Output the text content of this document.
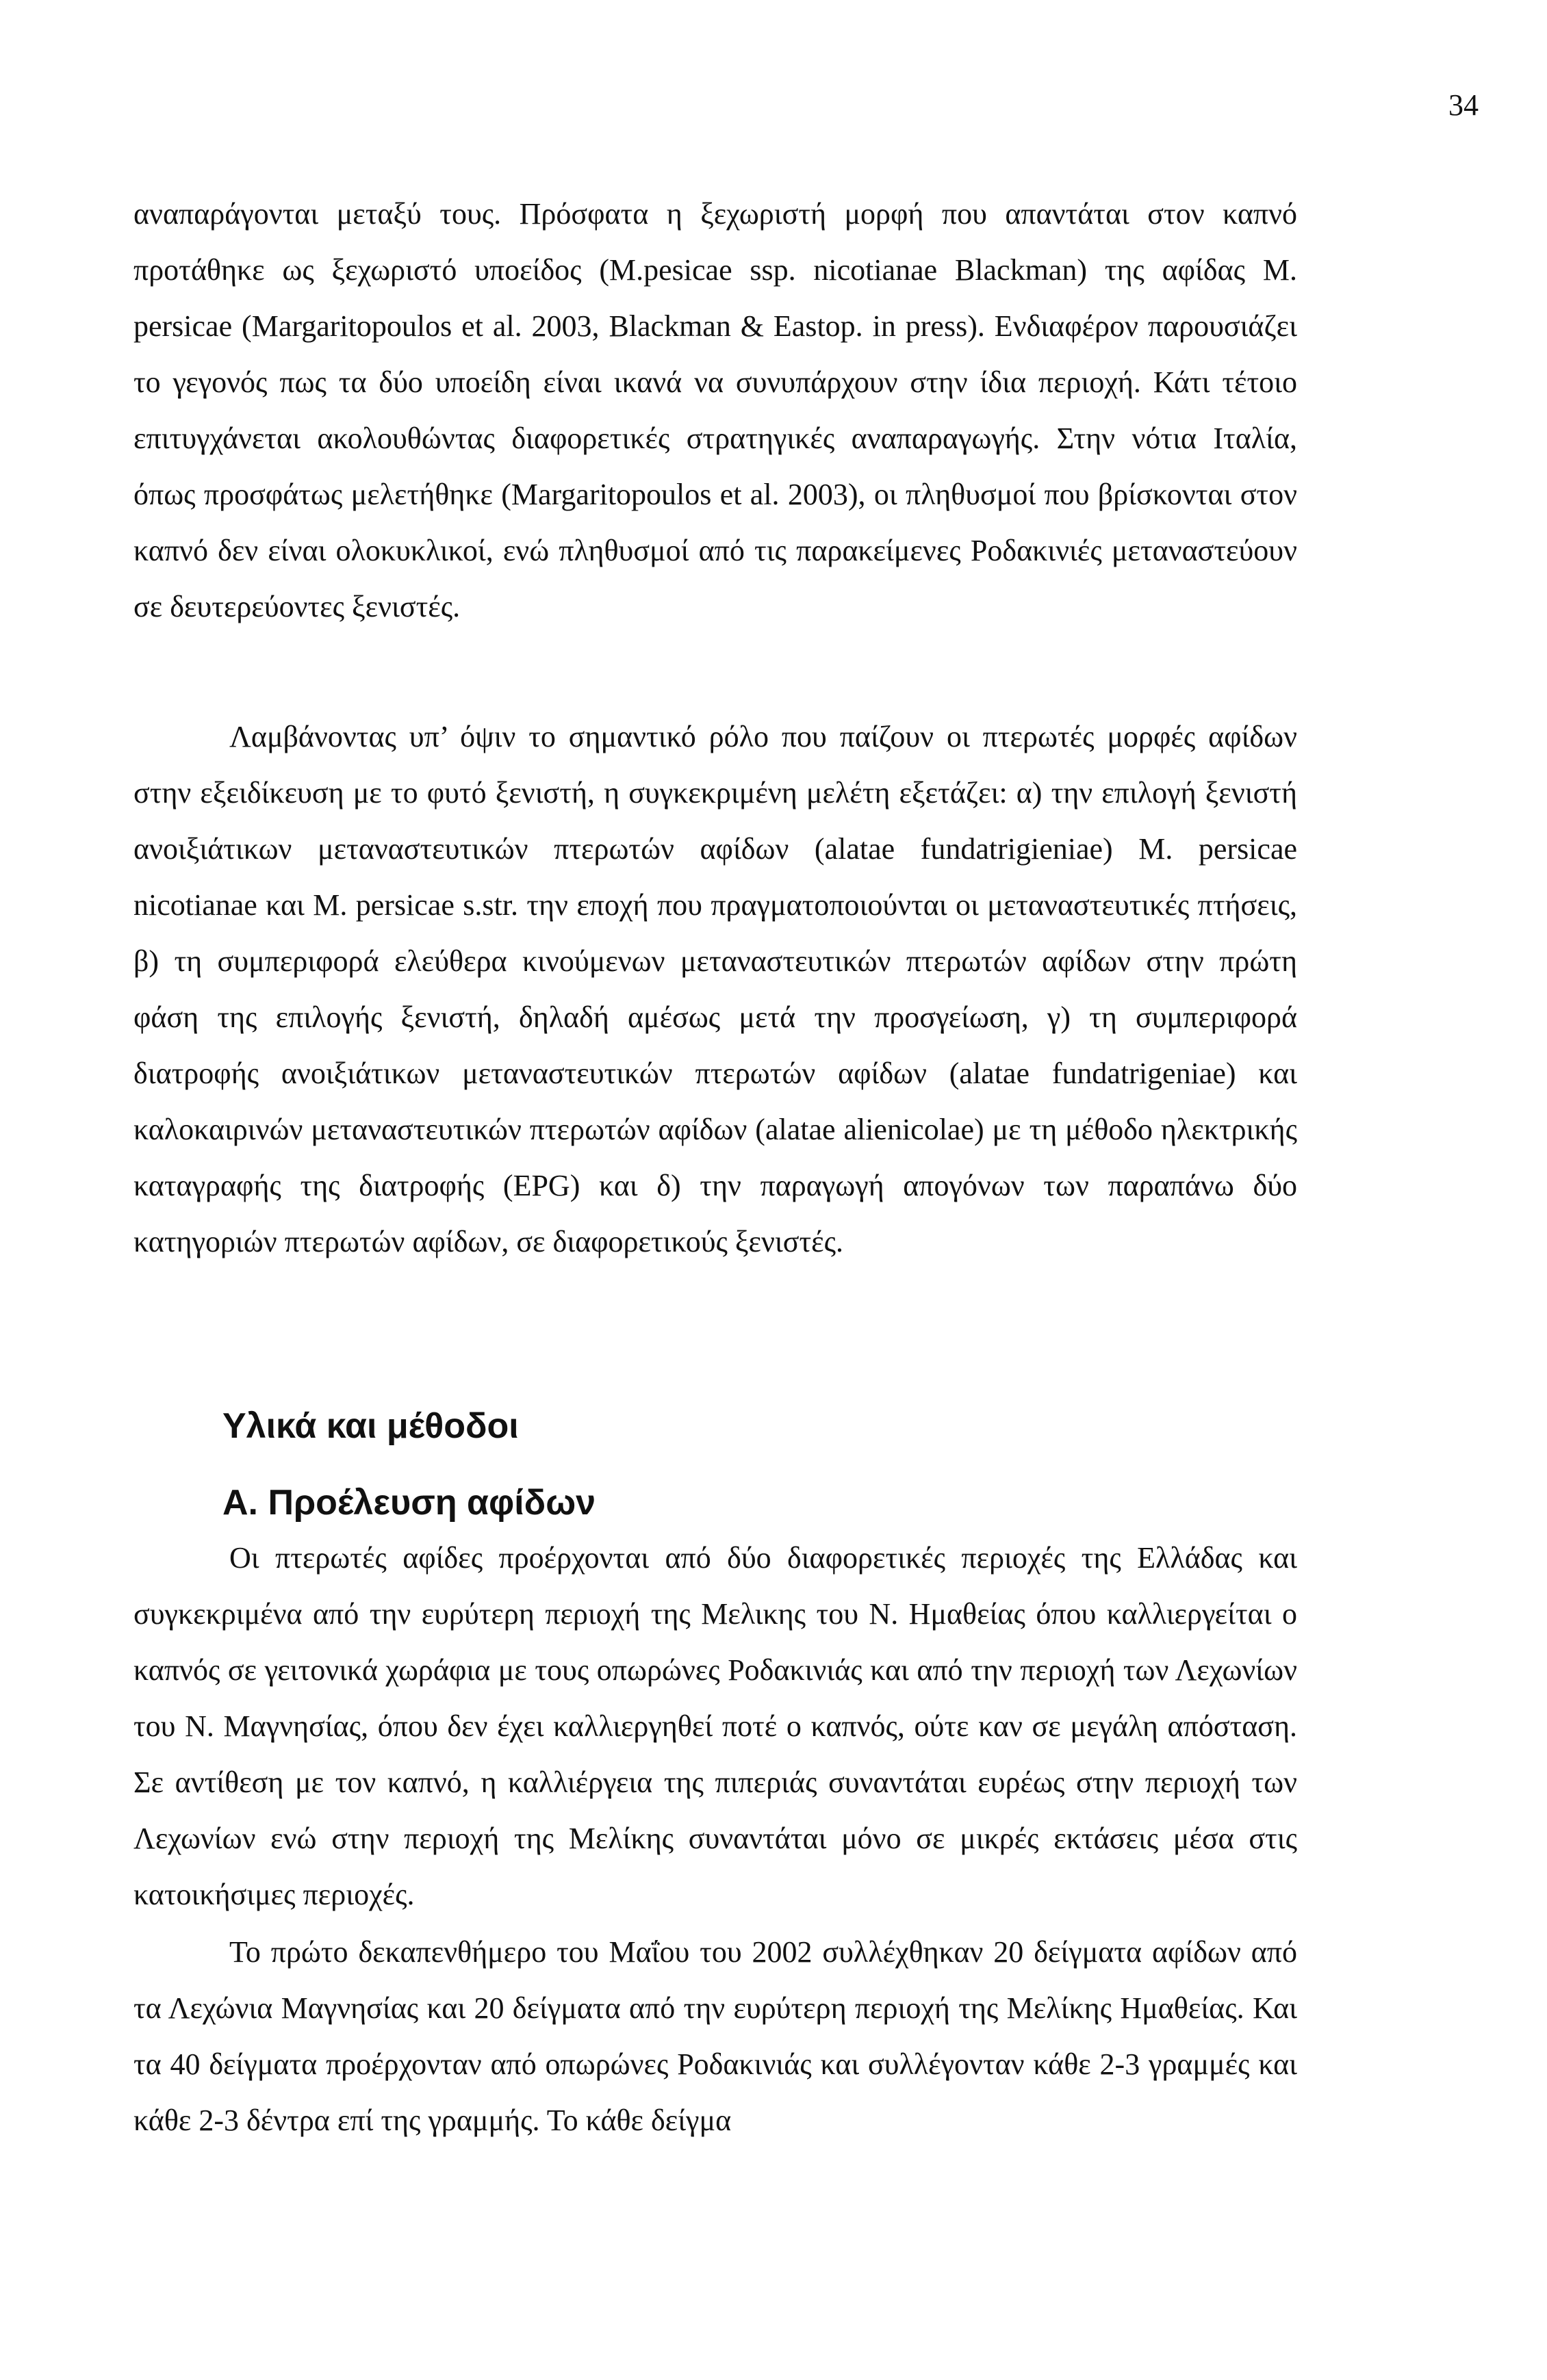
34

αναπαράγονται μεταξύ τους. Πρόσφατα η ξεχωριστή μορφή που απαντάται στον καπνό προτάθηκε ως ξεχωριστό υποείδος (M.pesicae ssp. nicotianae Blackman) της αφίδας M. persicae (Margaritopoulos et al. 2003, Blackman & Eastop. in press). Ενδιαφέρον παρουσιάζει το γεγονός πως τα δύο υποείδη είναι ικανά να συνυπάρχουν στην ίδια περιοχή. Κάτι τέτοιο επιτυγχάνεται ακολουθώντας διαφορετικές στρατηγικές αναπαραγωγής. Στην νότια Ιταλία, όπως προσφάτως μελετήθηκε (Margaritopoulos et al. 2003), οι πληθυσμοί που βρίσκονται στον καπνό δεν είναι ολοκυκλικοί, ενώ πληθυσμοί από τις παρακείμενες Ροδακινιές μεταναστεύουν σε δευτερεύοντες ξενιστές.

Λαμβάνοντας υπ’ όψιν το σημαντικό ρόλο που παίζουν οι πτερωτές μορφές αφίδων στην εξειδίκευση με το φυτό ξενιστή, η συγκεκριμένη μελέτη εξετάζει: α) την επιλογή ξενιστή ανοιξιάτικων μεταναστευτικών πτερωτών αφίδων (alatae fundatrigieniae) M. persicae nicotianae και M. persicae s.str. την εποχή που πραγματοποιούνται οι μεταναστευτικές πτήσεις, β) τη συμπεριφορά ελεύθερα κινούμενων μεταναστευτικών πτερωτών αφίδων στην πρώτη φάση της επιλογής ξενιστή, δηλαδή αμέσως μετά την προσγείωση, γ) τη συμπεριφορά διατροφής ανοιξιάτικων μεταναστευτικών πτερωτών αφίδων (alatae fundatrigeniae) και καλοκαιρινών μεταναστευτικών πτερωτών αφίδων (alatae alienicolae) με τη μέθοδο ηλεκτρικής καταγραφής της διατροφής (EPG) και δ) την παραγωγή απογόνων των παραπάνω δύο κατηγοριών πτερωτών αφίδων, σε διαφορετικούς ξενιστές.

Υλικά και μέθοδοι
Α. Προέλευση αφίδων

Οι πτερωτές αφίδες προέρχονται από δύο διαφορετικές περιοχές της Ελλάδας και συγκεκριμένα από την ευρύτερη περιοχή της Μελικης του Ν. Ημαθείας όπου καλλιεργείται ο καπνός σε γειτονικά χωράφια με τους οπωρώνες Ροδακινιάς και από την περιοχή των Λεχωνίων του Ν. Μαγνησίας, όπου δεν έχει καλλιεργηθεί ποτέ ο καπνός, ούτε καν σε μεγάλη απόσταση. Σε αντίθεση με τον καπνό, η καλλιέργεια της πιπεριάς συναντάται ευρέως στην περιοχή των Λεχωνίων ενώ στην περιοχή της Μελίκης συναντάται μόνο σε μικρές εκτάσεις μέσα στις κατοικήσιμες περιοχές.

Το πρώτο δεκαπενθήμερο του Μαΐου του 2002 συλλέχθηκαν 20 δείγματα αφίδων από τα Λεχώνια Μαγνησίας και 20 δείγματα από την ευρύτερη περιοχή της Μελίκης Ημαθείας. Και τα 40 δείγματα προέρχονταν από οπωρώνες Ροδακινιάς και συλλέγονταν κάθε 2-3 γραμμές και κάθε 2-3 δέντρα επί της γραμμής. Το κάθε δείγμα
